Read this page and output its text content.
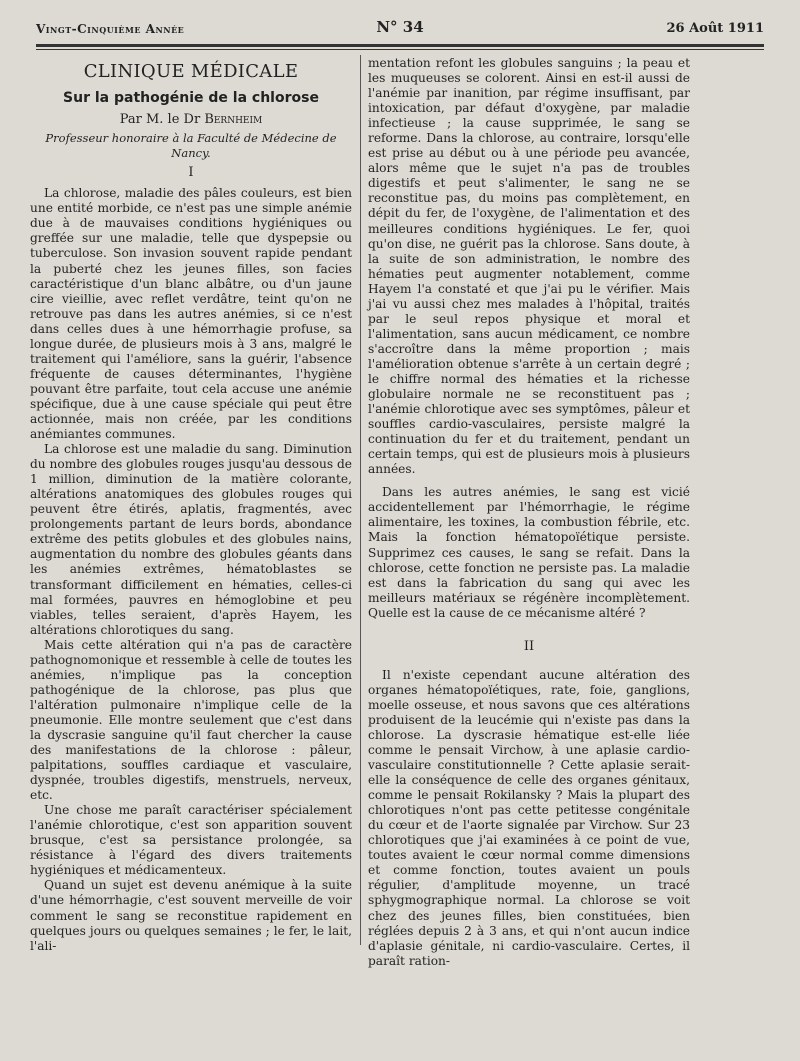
Vingt-Cinquième Année	N° 34	26 Août 1911
CLINIQUE MÉDICALE
Sur la pathogénie de la chlorose
Par M. le Dr Bernheim
Professeur honoraire à la Faculté de Médecine de Nancy.
I

La chlorose, maladie des pâles couleurs, est bien une entité morbide, ce n'est pas une simple anémie due à de mauvaises conditions hygiéniques ou greffée sur une maladie, telle que dyspepsie ou tuberculose. Son invasion souvent rapide pendant la puberté chez les jeunes filles, son facies caractéristique d'un blanc albâtre, ou d'un jaune cire vieillie, avec reflet verdâtre, teint qu'on ne retrouve pas dans les autres anémies, si ce n'est dans celles dues à une hémorrhagie profuse, sa longue durée, de plusieurs mois à 3 ans, malgré le traitement qui l'améliore, sans la guérir, l'absence fréquente de causes déterminantes, l'hygiène pouvant être parfaite, tout cela accuse une anémie spécifique, due à une cause spéciale qui peut être actionnée, mais non créée, par les conditions anémiantes communes.

La chlorose est une maladie du sang. Diminution du nombre des globules rouges jusqu'au dessous de 1 million, diminution de la matière colorante, altérations anatomiques des globules rouges qui peuvent être étirés, aplatis, fragmentés, avec prolongements partant de leurs bords, abondance extrême des petits globules et des globules nains, augmentation du nombre des globules géants dans les anémies extrêmes, hématoblastes se transformant difficilement en hématies, celles-ci mal formées, pauvres en hémoglobine et peu viables, telles seraient, d'après Hayem, les altérations chlorotiques du sang.

Mais cette altération qui n'a pas de caractère pathognomonique et ressemble à celle de toutes les anémies, n'implique pas la conception pathogénique de la chlorose, pas plus que l'altération pulmonaire n'implique celle de la pneumonie. Elle montre seulement que c'est dans la dyscrasie sanguine qu'il faut chercher la cause des manifestations de la chlorose : pâleur, palpitations, souffles cardiaque et vasculaire, dyspnée, troubles digestifs, menstruels, nerveux, etc.

Une chose me paraît caractériser spécialement l'anémie chlorotique, c'est son apparition souvent brusque, c'est sa persistance prolongée, sa résistance à l'égard des divers traitements hygiéniques et médicamenteux.

Quand un sujet est devenu anémique à la suite d'une hémorrhagie, c'est souvent merveille de voir comment le sang se reconstitue rapidement en quelques jours ou quelques semaines ; le fer, le lait, l'ali-

mentation refont les globules sanguins ; la peau et les muqueuses se colorent. Ainsi en est-il aussi de l'anémie par inanition, par régime insuffisant, par intoxication, par défaut d'oxygène, par maladie infectieuse ; la cause supprimée, le sang se reforme. Dans la chlorose, au contraire, lorsqu'elle est prise au début ou à une période peu avancée, alors même que le sujet n'a pas de troubles digestifs et peut s'alimenter, le sang ne se reconstitue pas, du moins pas complètement, en dépit du fer, de l'oxygène, de l'alimentation et des meilleures conditions hygiéniques. Le fer, quoi qu'on dise, ne guérit pas la chlorose. Sans doute, à la suite de son administration, le nombre des hématies peut augmenter notablement, comme Hayem l'a constaté et que j'ai pu le vérifier. Mais j'ai vu aussi chez mes malades à l'hôpital, traités par le seul repos physique et moral et l'alimentation, sans aucun médicament, ce nombre s'accroître dans la même proportion ; mais l'amélioration obtenue s'arrête à un certain degré ; le chiffre normal des hématies et la richesse globulaire normale ne se reconstituent pas ; l'anémie chlorotique avec ses symptômes, pâleur et souffles cardio-vasculaires, persiste malgré la continuation du fer et du traitement, pendant un certain temps, qui est de plusieurs mois à plusieurs années.

Dans les autres anémies, le sang est vicié accidentellement par l'hémorrhagie, le régime alimentaire, les toxines, la combustion fébrile, etc. Mais la fonction hématopoïétique persiste. Supprimez ces causes, le sang se refait. Dans la chlorose, cette fonction ne persiste pas. La maladie est dans la fabrication du sang qui avec les meilleurs matériaux se régénère incomplètement. Quelle est la cause de ce mécanisme altéré ?

II

Il n'existe cependant aucune altération des organes hématopoïétiques, rate, foie, ganglions, moelle osseuse, et nous savons que ces altérations produisent de la leucémie qui n'existe pas dans la chlorose. La dyscrasie hématique est-elle liée comme le pensait Virchow, à une aplasie cardio-vasculaire constitutionnelle ? Cette aplasie serait-elle la conséquence de celle des organes génitaux, comme le pensait Rokilansky ? Mais la plupart des chlorotiques n'ont pas cette petitesse congénitale du cœur et de l'aorte signalée par Virchow. Sur 23 chlorotiques que j'ai examinées à ce point de vue, toutes avaient le cœur normal comme dimensions et comme fonction, toutes avaient un pouls régulier, d'amplitude moyenne, un tracé sphygmographique normal. La chlorose se voit chez des jeunes filles, bien constituées, bien réglées depuis 2 à 3 ans, et qui n'ont aucun indice d'aplasie génitale, ni cardio-vasculaire. Certes, il paraît ration-
